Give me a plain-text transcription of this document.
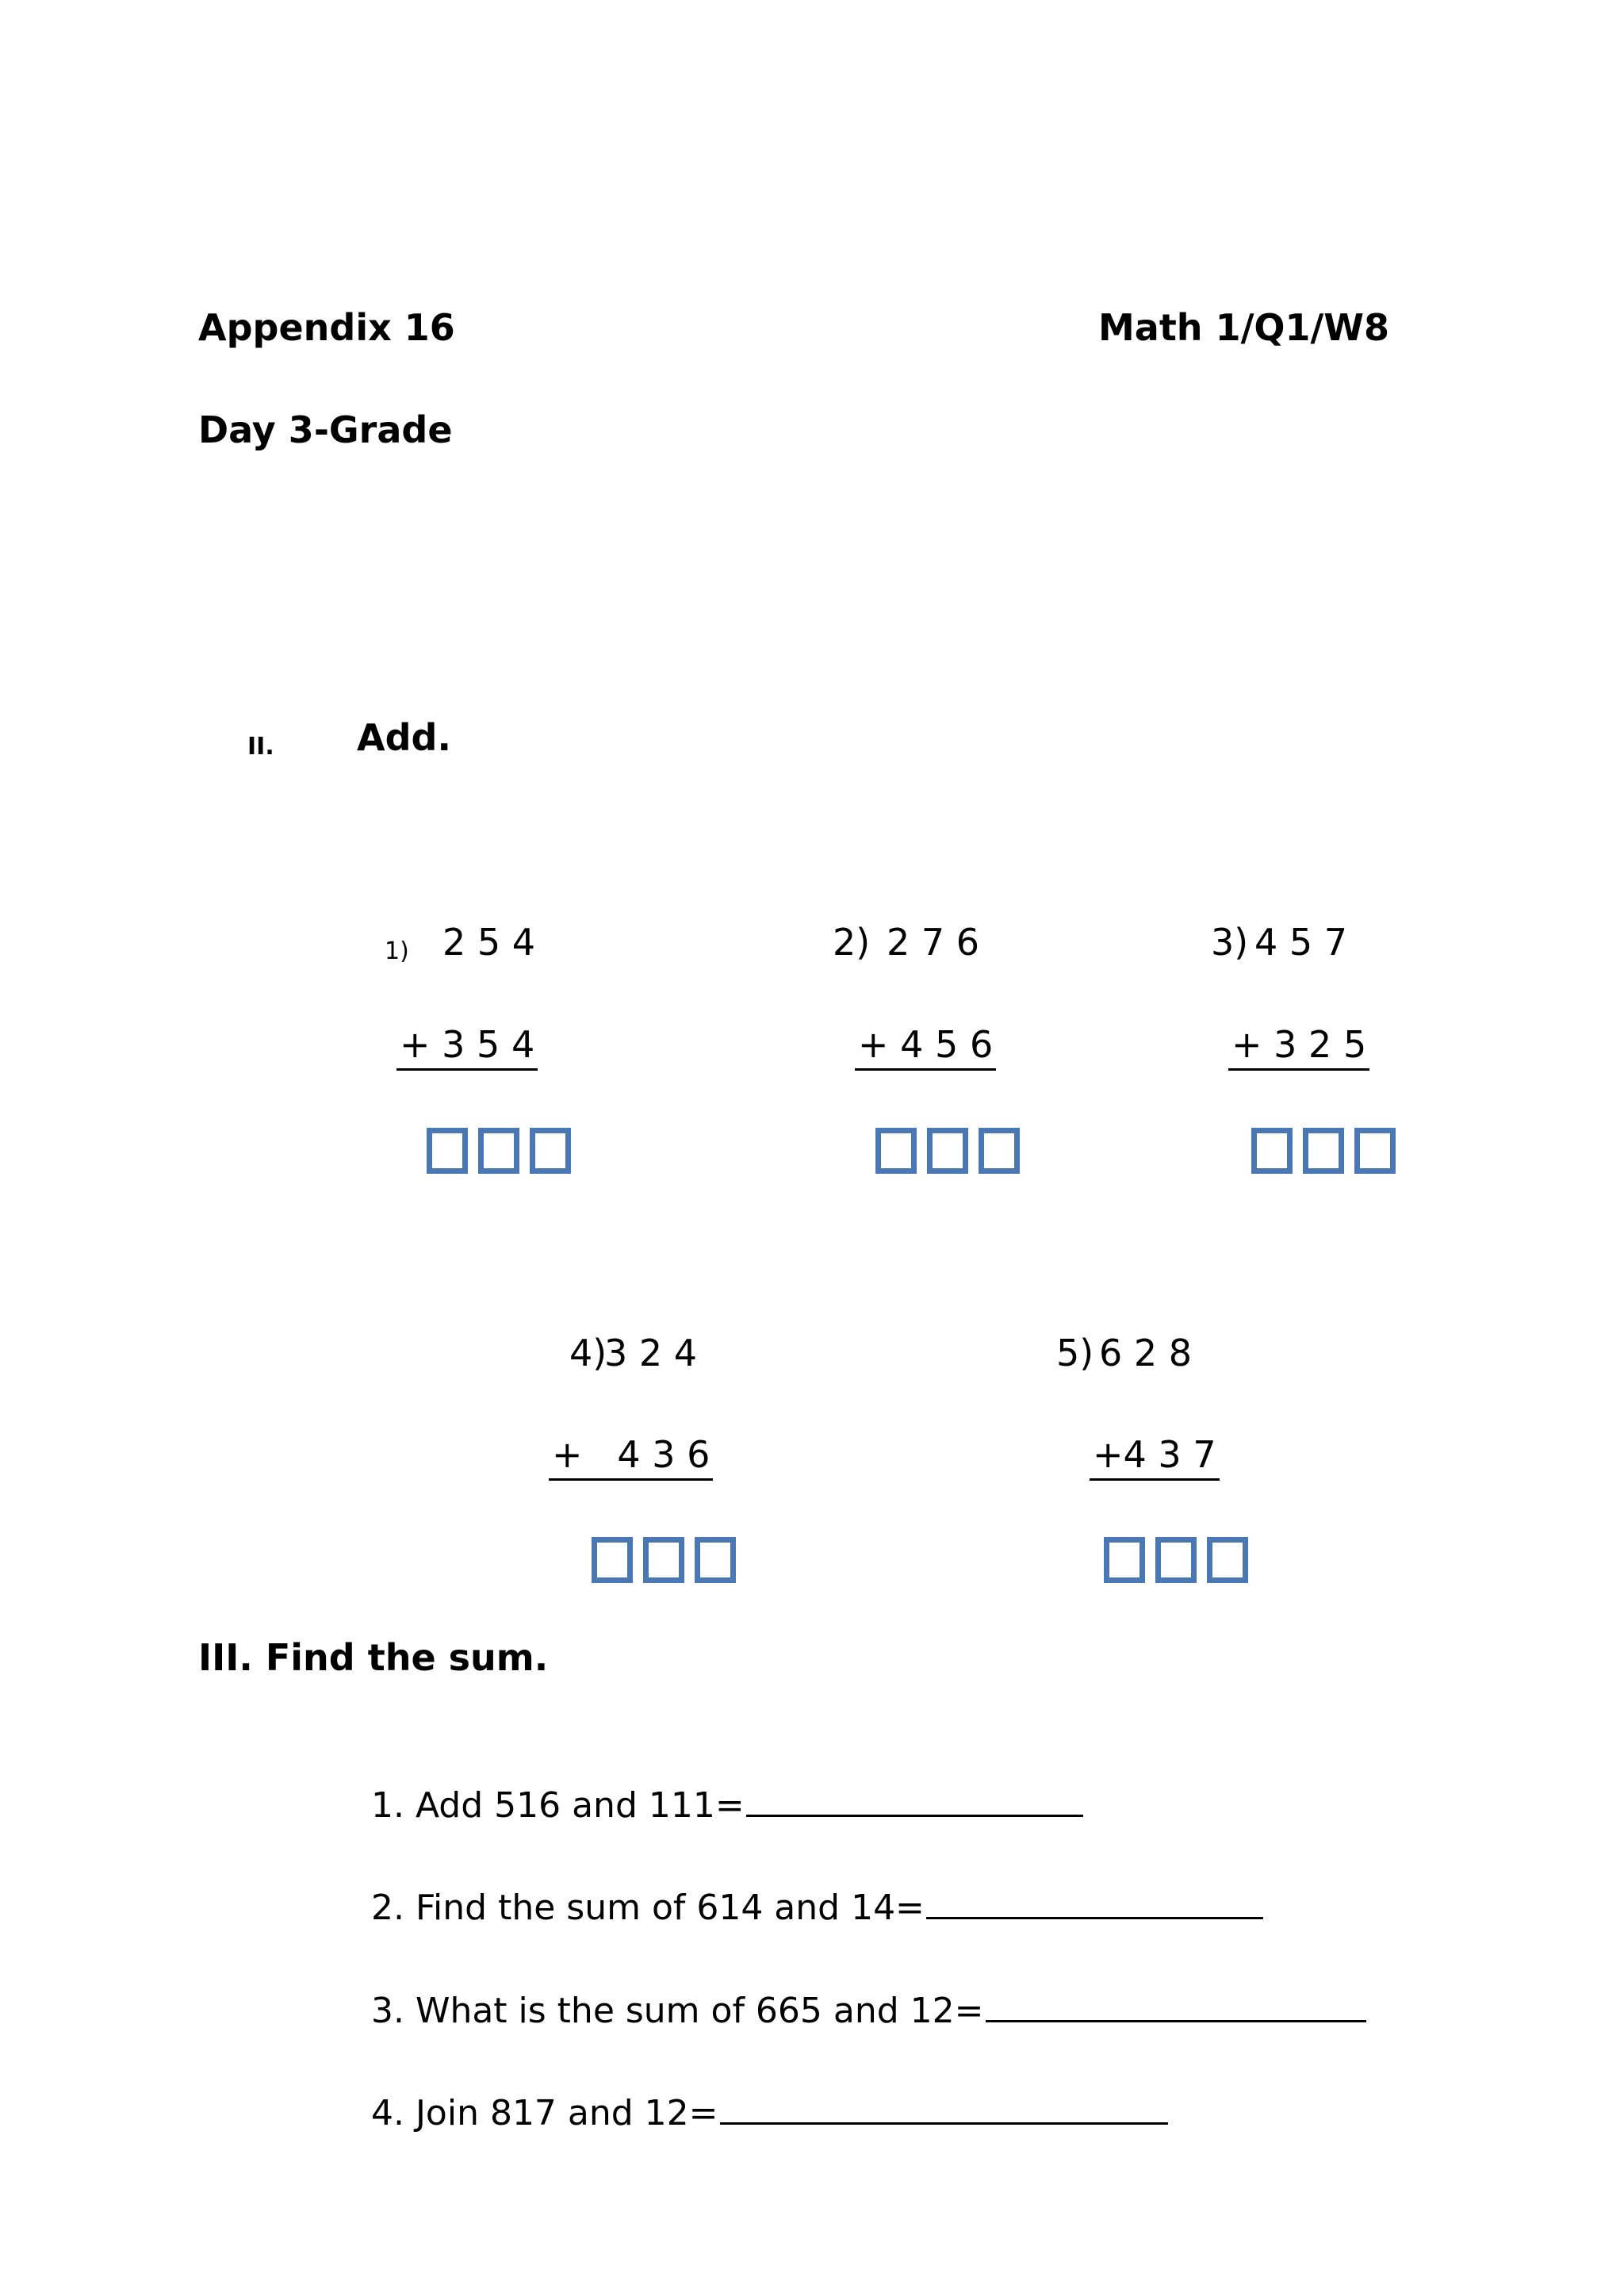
Appendix 16	Math 1/Q1/W8
Day 3-Grade
II. Add.
1) 2 5 4
+ 3 5 4
2) 2 7 6
+ 4 5 6
3) 4 5 7
+ 3 2 5
4)
3 2 4
+   4 3 6
5) 6 2 8
+4 3 7
III. Find the sum.

1. Add 516 and 111=

2. Find the sum of 614 and 14=

3. What is the sum of 665 and 12=

4. Join 817 and 12=
